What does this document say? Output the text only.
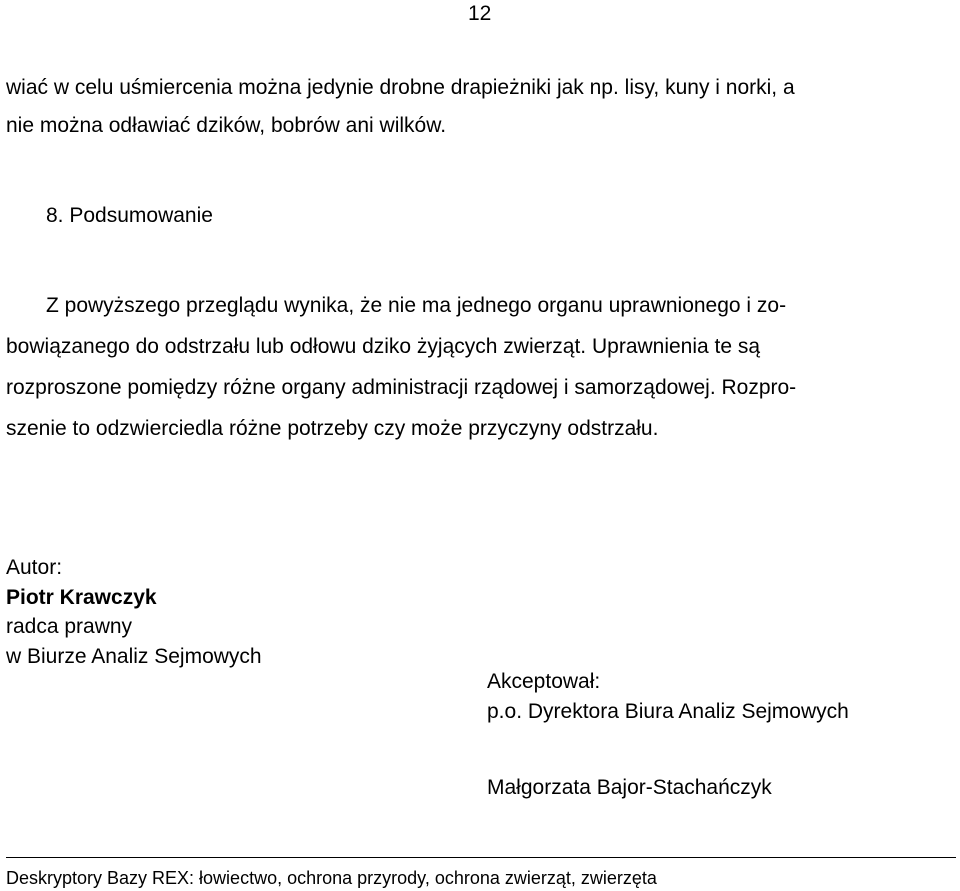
12
wiać w celu uśmiercenia można jedynie drobne drapieżniki jak np. lisy, kuny i norki, a
nie można odławiać dzików, bobrów ani wilków.
8. Podsumowanie
Z powyższego przeglądu wynika, że nie ma jednego organu uprawnionego i zo-
bowiązanego do odstrzału lub odłowu dziko żyjących zwierząt. Uprawnienia te są
rozproszone pomiędzy różne organy administracji rządowej i samorządowej. Rozpro-
szenie to odzwierciedla różne potrzeby czy może przyczyny odstrzału.
Autor:
Piotr Krawczyk
radca prawny
w Biurze Analiz Sejmowych
Akceptował:
p.o. Dyrektora Biura Analiz Sejmowych
Małgorzata Bajor-Stachańczyk
Deskryptory Bazy REX: łowiectwo, ochrona przyrody, ochrona zwierząt, zwierzęta
